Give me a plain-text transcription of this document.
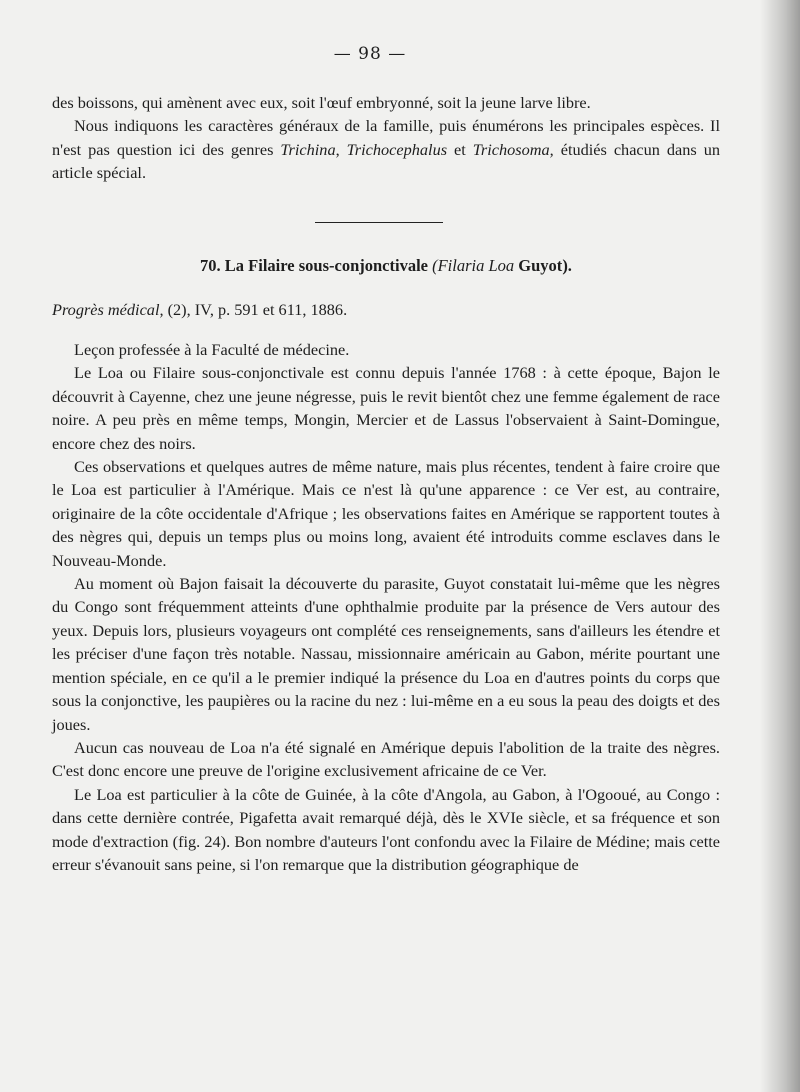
— 98 —

des boissons, qui amènent avec eux, soit l'œuf embryonné, soit la jeune larve libre.

Nous indiquons les caractères généraux de la famille, puis énumérons les principales espèces. Il n'est pas question ici des genres Trichina, Trichocephalus et Trichosoma, étudiés chacun dans un article spécial.

70. La Filaire sous-conjonctivale (Filaria Loa Guyot).
Progrès médical, (2), IV, p. 591 et 611, 1886.

Leçon professée à la Faculté de médecine.

Le Loa ou Filaire sous-conjonctivale est connu depuis l'année 1768 : à cette époque, Bajon le découvrit à Cayenne, chez une jeune négresse, puis le revit bientôt chez une femme également de race noire. A peu près en même temps, Mongin, Mercier et de Lassus l'observaient à Saint-Domingue, encore chez des noirs.

Ces observations et quelques autres de même nature, mais plus récentes, tendent à faire croire que le Loa est particulier à l'Amérique. Mais ce n'est là qu'une apparence : ce Ver est, au contraire, originaire de la côte occidentale d'Afrique ; les observations faites en Amérique se rapportent toutes à des nègres qui, depuis un temps plus ou moins long, avaient été introduits comme esclaves dans le Nouveau-Monde.

Au moment où Bajon faisait la découverte du parasite, Guyot constatait lui-même que les nègres du Congo sont fréquemment atteints d'une ophthalmie produite par la présence de Vers autour des yeux. Depuis lors, plusieurs voyageurs ont complété ces renseignements, sans d'ailleurs les étendre et les préciser d'une façon très notable. Nassau, missionnaire américain au Gabon, mérite pourtant une mention spéciale, en ce qu'il a le premier indiqué la présence du Loa en d'autres points du corps que sous la conjonctive, les paupières ou la racine du nez : lui-même en a eu sous la peau des doigts et des joues.

Aucun cas nouveau de Loa n'a été signalé en Amérique depuis l'abolition de la traite des nègres. C'est donc encore une preuve de l'origine exclusivement africaine de ce Ver.

Le Loa est particulier à la côte de Guinée, à la côte d'Angola, au Gabon, à l'Ogooué, au Congo : dans cette dernière contrée, Pigafetta avait remarqué déjà, dès le XVIe siècle, et sa fréquence et son mode d'extraction (fig. 24). Bon nombre d'auteurs l'ont confondu avec la Filaire de Médine; mais cette erreur s'évanouit sans peine, si l'on remarque que la distribution géographique de
